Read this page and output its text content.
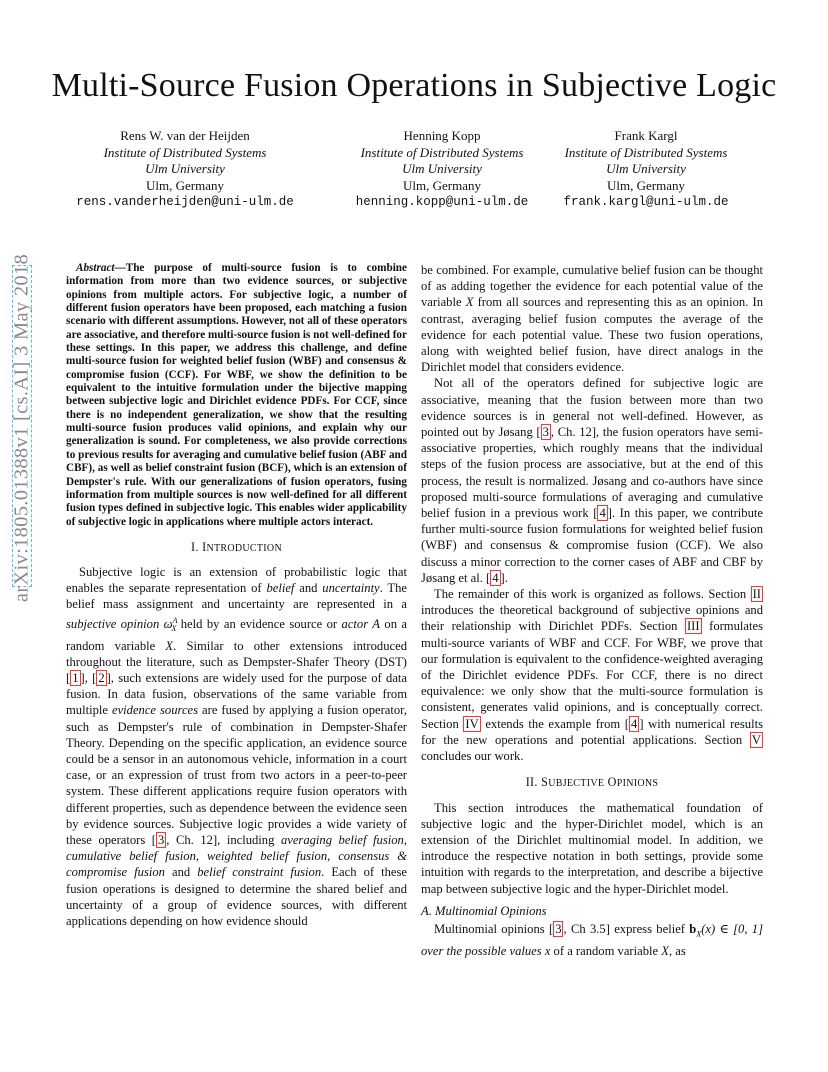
Multi-Source Fusion Operations in Subjective Logic
Rens W. van der Heijden
Institute of Distributed Systems
Ulm University
Ulm, Germany
rens.vanderheijden@uni-ulm.de
Henning Kopp
Institute of Distributed Systems
Ulm University
Ulm, Germany
henning.kopp@uni-ulm.de
Frank Kargl
Institute of Distributed Systems
Ulm University
Ulm, Germany
frank.kargl@uni-ulm.de
arXiv:1805.01388v1 [cs.AI] 3 May 2018	Abstract—The purpose of multi-source fusion is to combine information from more than two evidence sources, or subjective opinions from multiple actors. For subjective logic, a number of different fusion operators have been proposed, each matching a fusion scenario with different assumptions. However, not all of these operators are associative, and therefore multi-source fusion is not well-defined for these settings. In this paper, we address this challenge, and define multi-source fusion for weighted belief fusion (WBF) and consensus & compromise fusion (CCF). For WBF, we show the definition to be equivalent to the intuitive formulation under the bijective mapping between subjective logic and Dirichlet evidence PDFs. For CCF, since there is no independent generalization, we show that the resulting multi-source fusion produces valid opinions, and explain why our generalization is sound. For completeness, we also provide corrections to previous results for averaging and cumulative belief fusion (ABF and CBF), as well as belief constraint fusion (BCF), which is an extension of Dempster's rule. With our generalizations of fusion operators, fusing information from multiple sources is now well-defined for all different fusion types defined in subjective logic. This enables wider applicability of subjective logic in applications where multiple actors interact.

I. INTRODUCTION

Subjective logic is an extension of probabilistic logic that enables the separate representation of belief and uncertainty. The belief mass assignment and uncertainty are represented in a subjective opinion $\omega^A_X$ held by an evidence source or actor A on a random variable X. Similar to other extensions introduced throughout the literature, such as Dempster-Shafer Theory (DST) [ 1 ], [ 2 ], such extensions are widely used for the purpose of data fusion. In data fusion, observations of the same variable from multiple evidence sources are fused by applying a fusion operator, such as Dempster's rule of combination in Dempster-Shafer Theory. Depending on the specific application, an evidence source could be a sensor in an autonomous vehicle, information in a court case, or an expression of trust from two actors in a peer-to-peer system. These different applications require fusion operators with different properties, such as dependence between the evidence seen by evidence sources. Subjective logic provides a wide variety of these operators [ 3 , Ch. 12], including averaging belief fusion, cumulative belief fusion, weighted belief fusion, consensus & compromise fusion and belief constraint fusion. Each of these fusion operations is designed to determine the shared belief and uncertainty of a group of evidence sources, with different applications depending on how evidence should

be combined. For example, cumulative belief fusion can be thought of as adding together the evidence for each potential value of the variable X from all sources and representing this as an opinion. In contrast, averaging belief fusion computes the average of the evidence for each potential value. These two fusion operations, along with weighted belief fusion, have direct analogs in the Dirichlet model that considers evidence.

Not all of the operators defined for subjective logic are associative, meaning that the fusion between more than two evidence sources is in general not well-defined. However, as pointed out by Jøsang [ 3 , Ch. 12], the fusion operators have semi-associative properties, which roughly means that the individual steps of the fusion process are associative, but at the end of this process, the result is normalized. Jøsang and co-authors have since proposed multi-source formulations of averaging and cumulative belief fusion in a previous work [ 4 ]. In this paper, we contribute further multi-source fusion formulations for weighted belief fusion (WBF) and consensus & compromise fusion (CCF). We also discuss a minor correction to the corner cases of ABF and CBF by Jøsang et al. [ 4 ].

The remainder of this work is organized as follows. Section II introduces the theoretical background of subjective opinions and their relationship with Dirichlet PDFs. Section III formulates multi-source variants of WBF and CCF. For WBF, we prove that our formulation is equivalent to the confidence-weighted averaging of the Dirichlet evidence PDFs. For CCF, there is no direct equivalence: we only show that the multi-source formulation is consistent, generates valid opinions, and is conceptually correct. Section IV extends the example from [ 4 ] with numerical results for the new operations and potential applications. Section V concludes our work.

II. SUBJECTIVE OPINIONS

This section introduces the mathematical foundation of subjective logic and the hyper-Dirichlet model, which is an extension of the Dirichlet multinomial model. In addition, we introduce the respective notation in both settings, provide some intuition with regards to the interpretation, and describe a bijective map between subjective logic and the hyper-Dirichlet model.

A. Multinomial Opinions

Multinomial opinions [ 3 , Ch 3.5] express belief $b_X(x)$ ∈ [0, 1] over the possible values x of a random variable X, as
